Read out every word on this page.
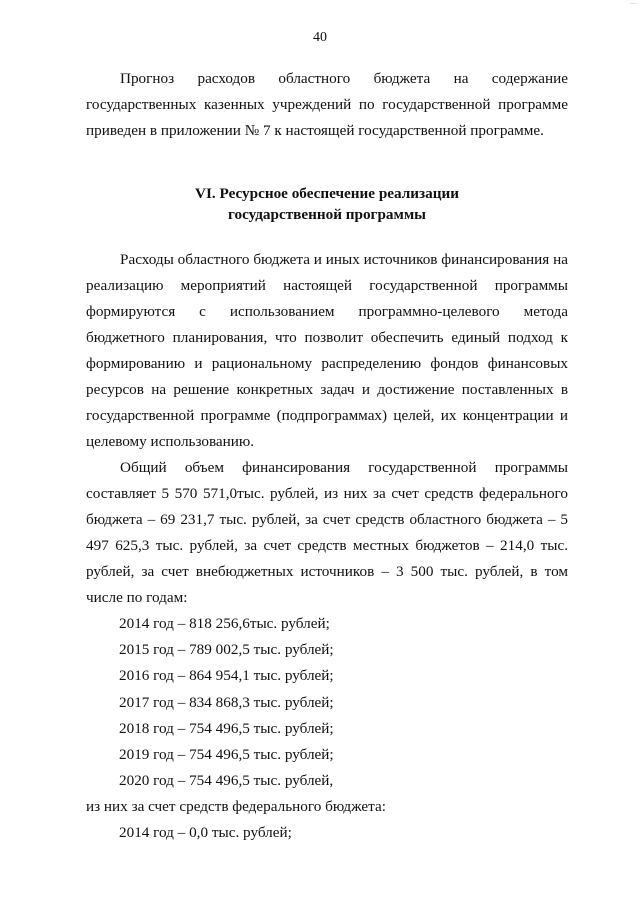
—
40

Прогноз расходов областного бюджета на содержание государственных казенных учреждений по государственной программе приведен в приложении № 7 к настоящей государственной программе.

VI. Ресурсное обеспечение реализации
государственной программы

Расходы областного бюджета и иных источников финансирования на реализацию мероприятий настоящей государственной программы формируются с использованием программно-целевого метода бюджетного планирования, что позволит обеспечить единый подход к формированию и рациональному распределению фондов финансовых ресурсов на решение конкретных задач и достижение поставленных в государственной программе (подпрограммах) целей, их концентрации и целевому использованию.

Общий объем финансирования государственной программы составляет 5 570 571,0тыс. рублей, из них за счет средств федерального бюджета – 69 231,7 тыс. рублей, за счет средств областного бюджета – 5 497 625,3 тыс. рублей, за счет средств местных бюджетов – 214,0 тыс. рублей, за счет внебюджетных источников – 3 500 тыс. рублей, в том числе по годам:

2014 год – 818 256,6тыс. рублей;
2015 год – 789 002,5 тыс. рублей;
2016 год – 864 954,1 тыс. рублей;
2017 год – 834 868,3 тыс. рублей;
2018 год – 754 496,5 тыс. рублей;
2019 год – 754 496,5 тыс. рублей;
2020 год – 754 496,5 тыс. рублей,

из них за счет средств федерального бюджета:

2014 год – 0,0 тыс. рублей;
